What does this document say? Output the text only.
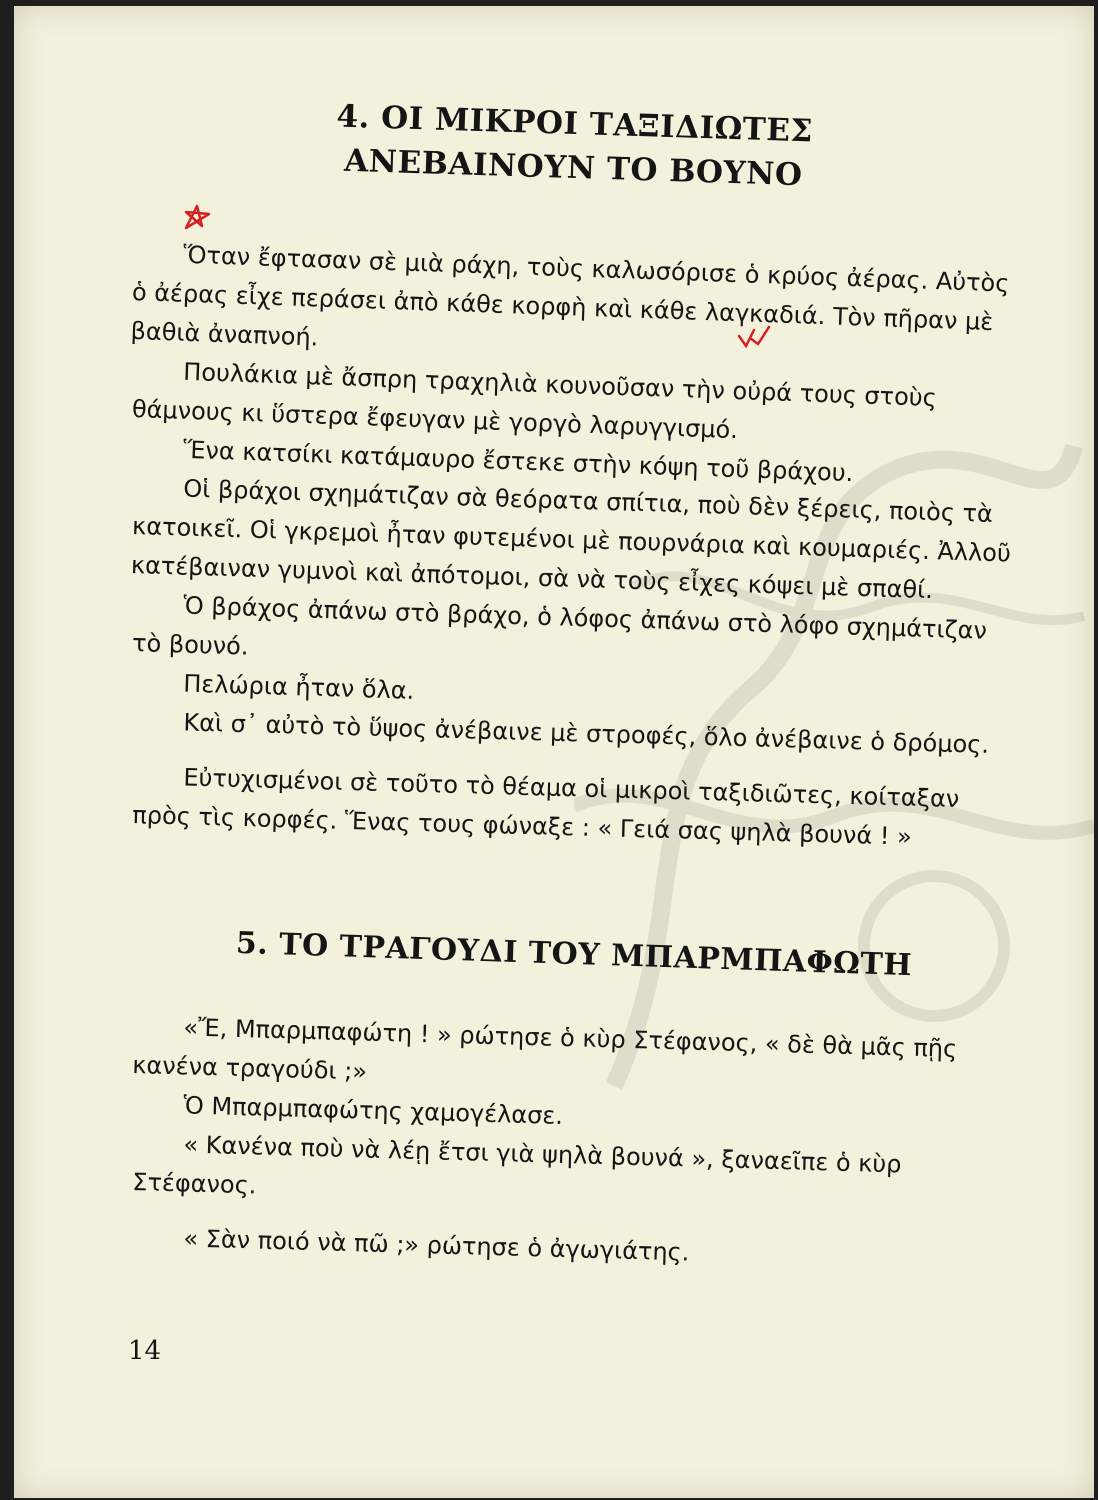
4. ΟΙ ΜΙΚΡΟΙ ΤΑΞΙΔΙΩΤΕΣ
ΑΝΕΒΑΙΝΟΥΝ ΤΟ ΒΟΥΝΟ

Ὅταν ἔφτασαν σὲ μιὰ ράχη, τοὺς καλωσόρισε ὁ κρύος ἀέρας. Αὐτὸς ὁ ἀέρας εἶχε περάσει ἀπὸ κάθε κορφὴ καὶ κάθε λαγκαδιά. Τὸν πῆραν μὲ βαθιὰ ἀναπνοή.

Πουλάκια μὲ ἄσπρη τραχηλιὰ κουνοῦσαν τὴν οὐρά τους στοὺς θάμνους κι ὕστερα ἔφευγαν μὲ γοργὸ λαρυγγισμό.

Ἕνα κατσίκι κατάμαυρο ἔστεκε στὴν κόψη τοῦ βράχου.

Οἱ βράχοι σχημάτιζαν σὰ θεόρατα σπίτια, ποὺ δὲν ξέρεις, ποιὸς τὰ κατοικεῖ. Οἱ γκρεμοὶ ἦταν φυτεμένοι μὲ πουρνάρια καὶ κουμαριές. Ἀλλοῦ κατέβαιναν γυμνοὶ καὶ ἀπότομοι, σὰ νὰ τοὺς εἶχες κόψει μὲ σπαθί.

Ὁ βράχος ἀπάνω στὸ βράχο, ὁ λόφος ἀπάνω στὸ λόφο σχημάτιζαν τὸ βουνό.

Πελώρια ἦταν ὅλα.

Καὶ σ᾿ αὐτὸ τὸ ὕψος ἀνέβαινε μὲ στροφές, ὅλο ἀνέβαινε ὁ δρόμος.

Εὐτυχισμένοι σὲ τοῦτο τὸ θέαμα οἱ μικροὶ ταξιδιῶτες, κοίταξαν πρὸς τὶς κορφές. Ἕνας τους φώναξε : « Γειά σας ψηλὰ βουνά ! »

5. ΤΟ ΤΡΑΓΟΥΔΙ ΤΟΥ ΜΠΑΡΜΠΑΦΩΤΗ

«Ἔ, Μπαρμπαφώτη ! » ρώτησε ὁ κὺρ Στέφανος, « δὲ θὰ μᾶς πῇς κανένα τραγούδι ;»

Ὁ Μπαρμπαφώτης χαμογέλασε.

« Κανένα ποὺ νὰ λέῃ ἔτσι γιὰ ψηλὰ βουνά », ξαναεῖπε ὁ κὺρ Στέφανος.

« Σὰν ποιό νὰ πῶ ;» ρώτησε ὁ ἀγωγιάτης.

14
